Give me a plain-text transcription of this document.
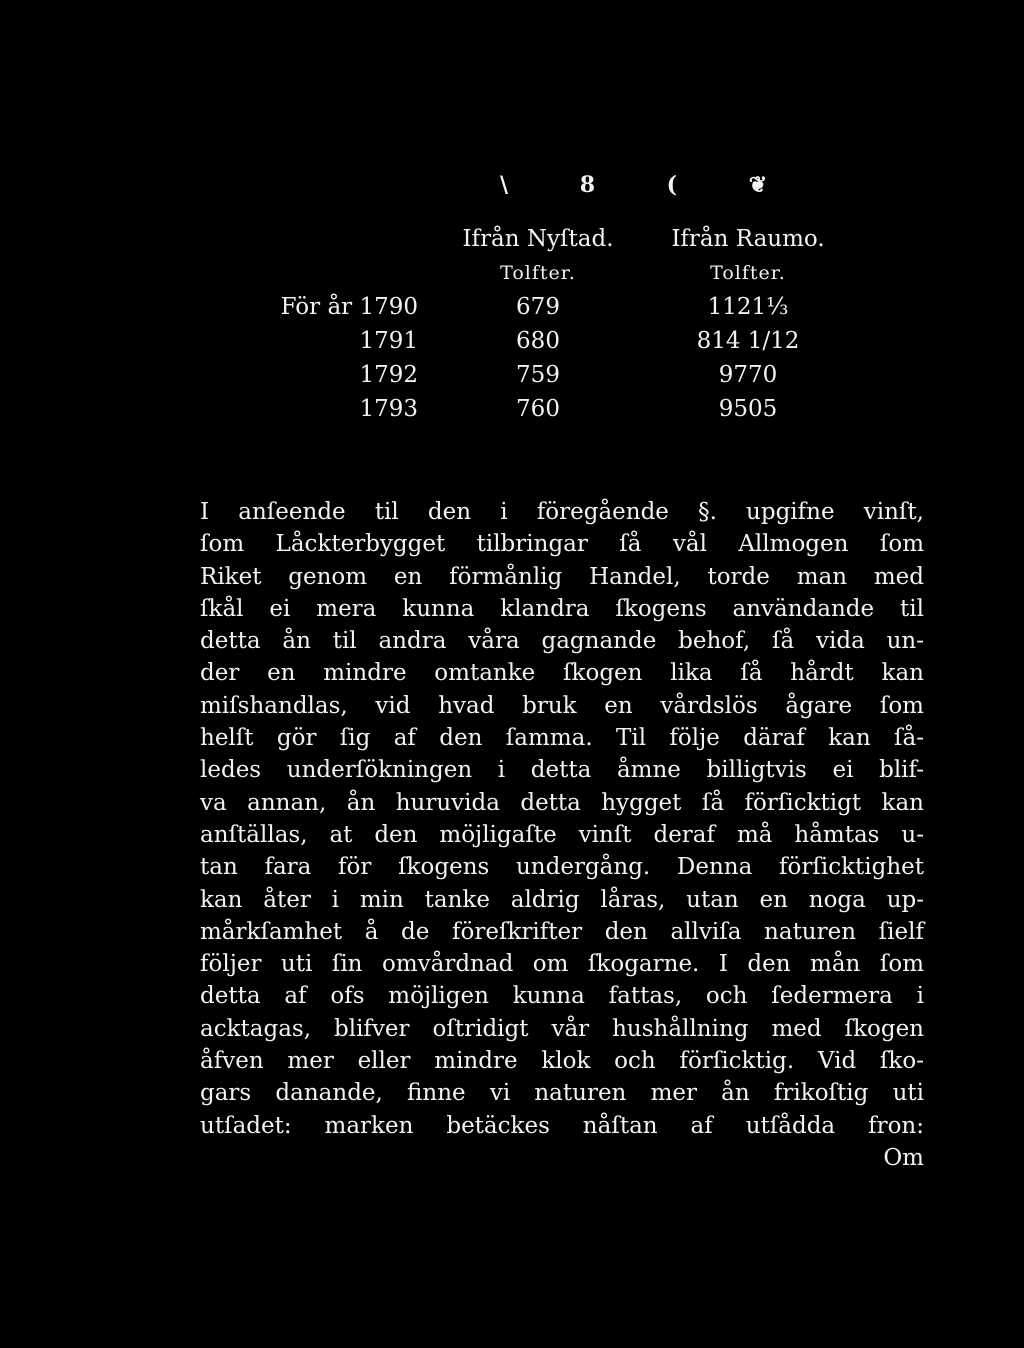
\ 8 ( ❦
	Ifrån Nyſtad.	Ifrån Raumo.
	Tolfter.	Tolfter.
För år 1790	679	1121⅓
1791	680	814 1/12
1792	759	9770
1793	760	9505
I anſeende til den i föregående §. upgifne vinſt,
ſom Låckterbygget tilbringar ſå vål Allmogen ſom
Riket genom en förmånlig Handel, torde man med
ſkål ei mera kunna klandra ſkogens användande til
detta ån til andra våra gagnande behof, ſå vida un-
der en mindre omtanke ſkogen lika ſå hårdt kan
miſshandlas, vid hvad bruk en vårdslös ågare ſom
helſt gör ſig af den ſamma. Til följe däraf kan ſå-
ledes underſökningen i detta åmne billigtvis ei blif-
va annan, ån huruvida detta hygget ſå förſicktigt kan
anſtällas, at den möjligaſte vinſt deraf må håmtas u-
tan fara för ſkogens undergång. Denna förſicktighet
kan åter i min tanke aldrig låras, utan en noga up-
mårkſamhet å de föreſkrifter den allviſa naturen ſielf
följer uti ſin omvårdnad om ſkogarne. I den mån ſom
detta af ofs möjligen kunna fattas, och ſedermera i
acktagas, blifver oſtridigt vår hushållning med ſkogen
åfven mer eller mindre klok och förſicktig. Vid ſko-
gars danande, finne vi naturen mer ån frikoſtig uti
utſadet: marken betäckes nåſtan af utſådda fron:
Om
